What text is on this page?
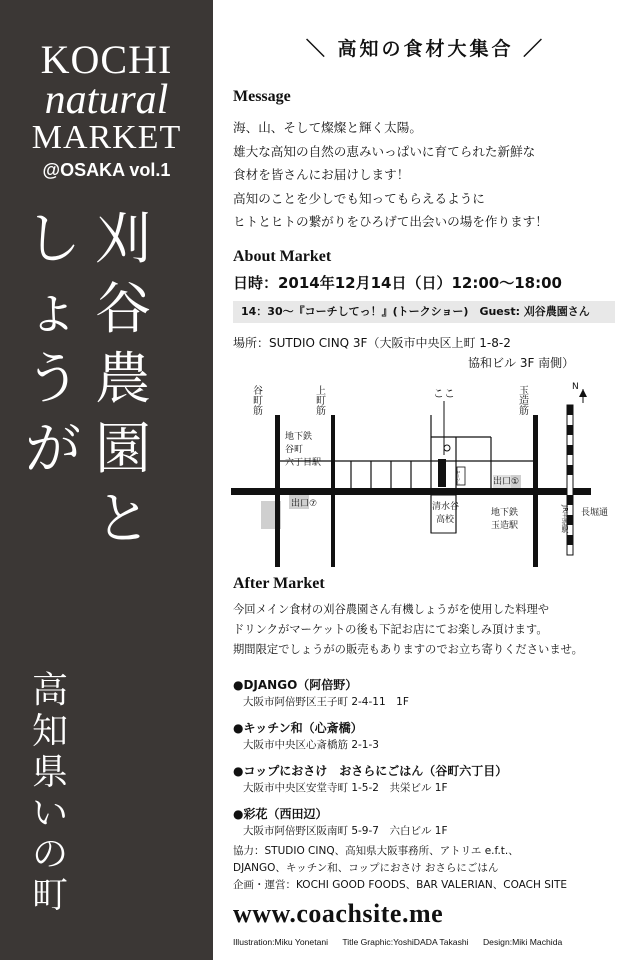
KOCHI
natural
MARKET
@OSAKA vol.1
刈
谷
農
園
と
し
ょ
う
が
高
知
県
い
の
町
＼ 高知の食材大集合 ／
Message
海、山、そして燦燦と輝く太陽。
雄大な高知の自然の恵みいっぱいに育てられた新鮮な
食材を皆さんにお届けします！
高知のことを少しでも知ってもらえるように
ヒトとヒトの繋がりをひろげて出会いの場を作ります！
About Market
日時：2014年12月14日（日）12:00〜18:00
14：30〜『コーチしてっ！』(トークショー)　Guest: 刈谷農園さん
場所：SUTDIO CINQ 3F（大阪市中央区上町 1-8-2
協和ビル 3F 南側）
ローソン
N
谷町筋	上町筋	玉造筋
ここ
地下鉄
谷町
六丁目駅
出口⑦	清水谷
高校
出口①
地下鉄
玉造駅
長堀通
JR玉造駅
After Market
今回メイン食材の刈谷農園さん有機しょうがを使用した料理や
ドリンクがマーケットの後も下記お店にてお楽しみ頂けます。
期間限定でしょうがの販売もありますのでお立ち寄りくださいませ。
●DJANGO（阿倍野）
大阪市阿倍野区王子町 2-4-11　1F
●キッチン和（心斎橋）
大阪市中央区心斎橋筋 2-1-3
●コップにおさけ　おさらにごはん（谷町六丁目）
大阪市中央区安堂寺町 1-5-2　共栄ビル 1F
●彩花（西田辺）
大阪市阿倍野区阪南町 5-9-7　六白ビル 1F
協力：STUDIO CINQ、高知県大阪事務所、アトリエ e.f.t.、
DJANGO、キッチン和、コップにおさけ おさらにごはん
企画・運営：KOCHI GOOD FOODS、BAR VALERIAN、COACH SITE
www.coachsite.me
Illustration:Miku Yonetani Title Graphic:YoshiDADA Takashi Design:Miki Machida
